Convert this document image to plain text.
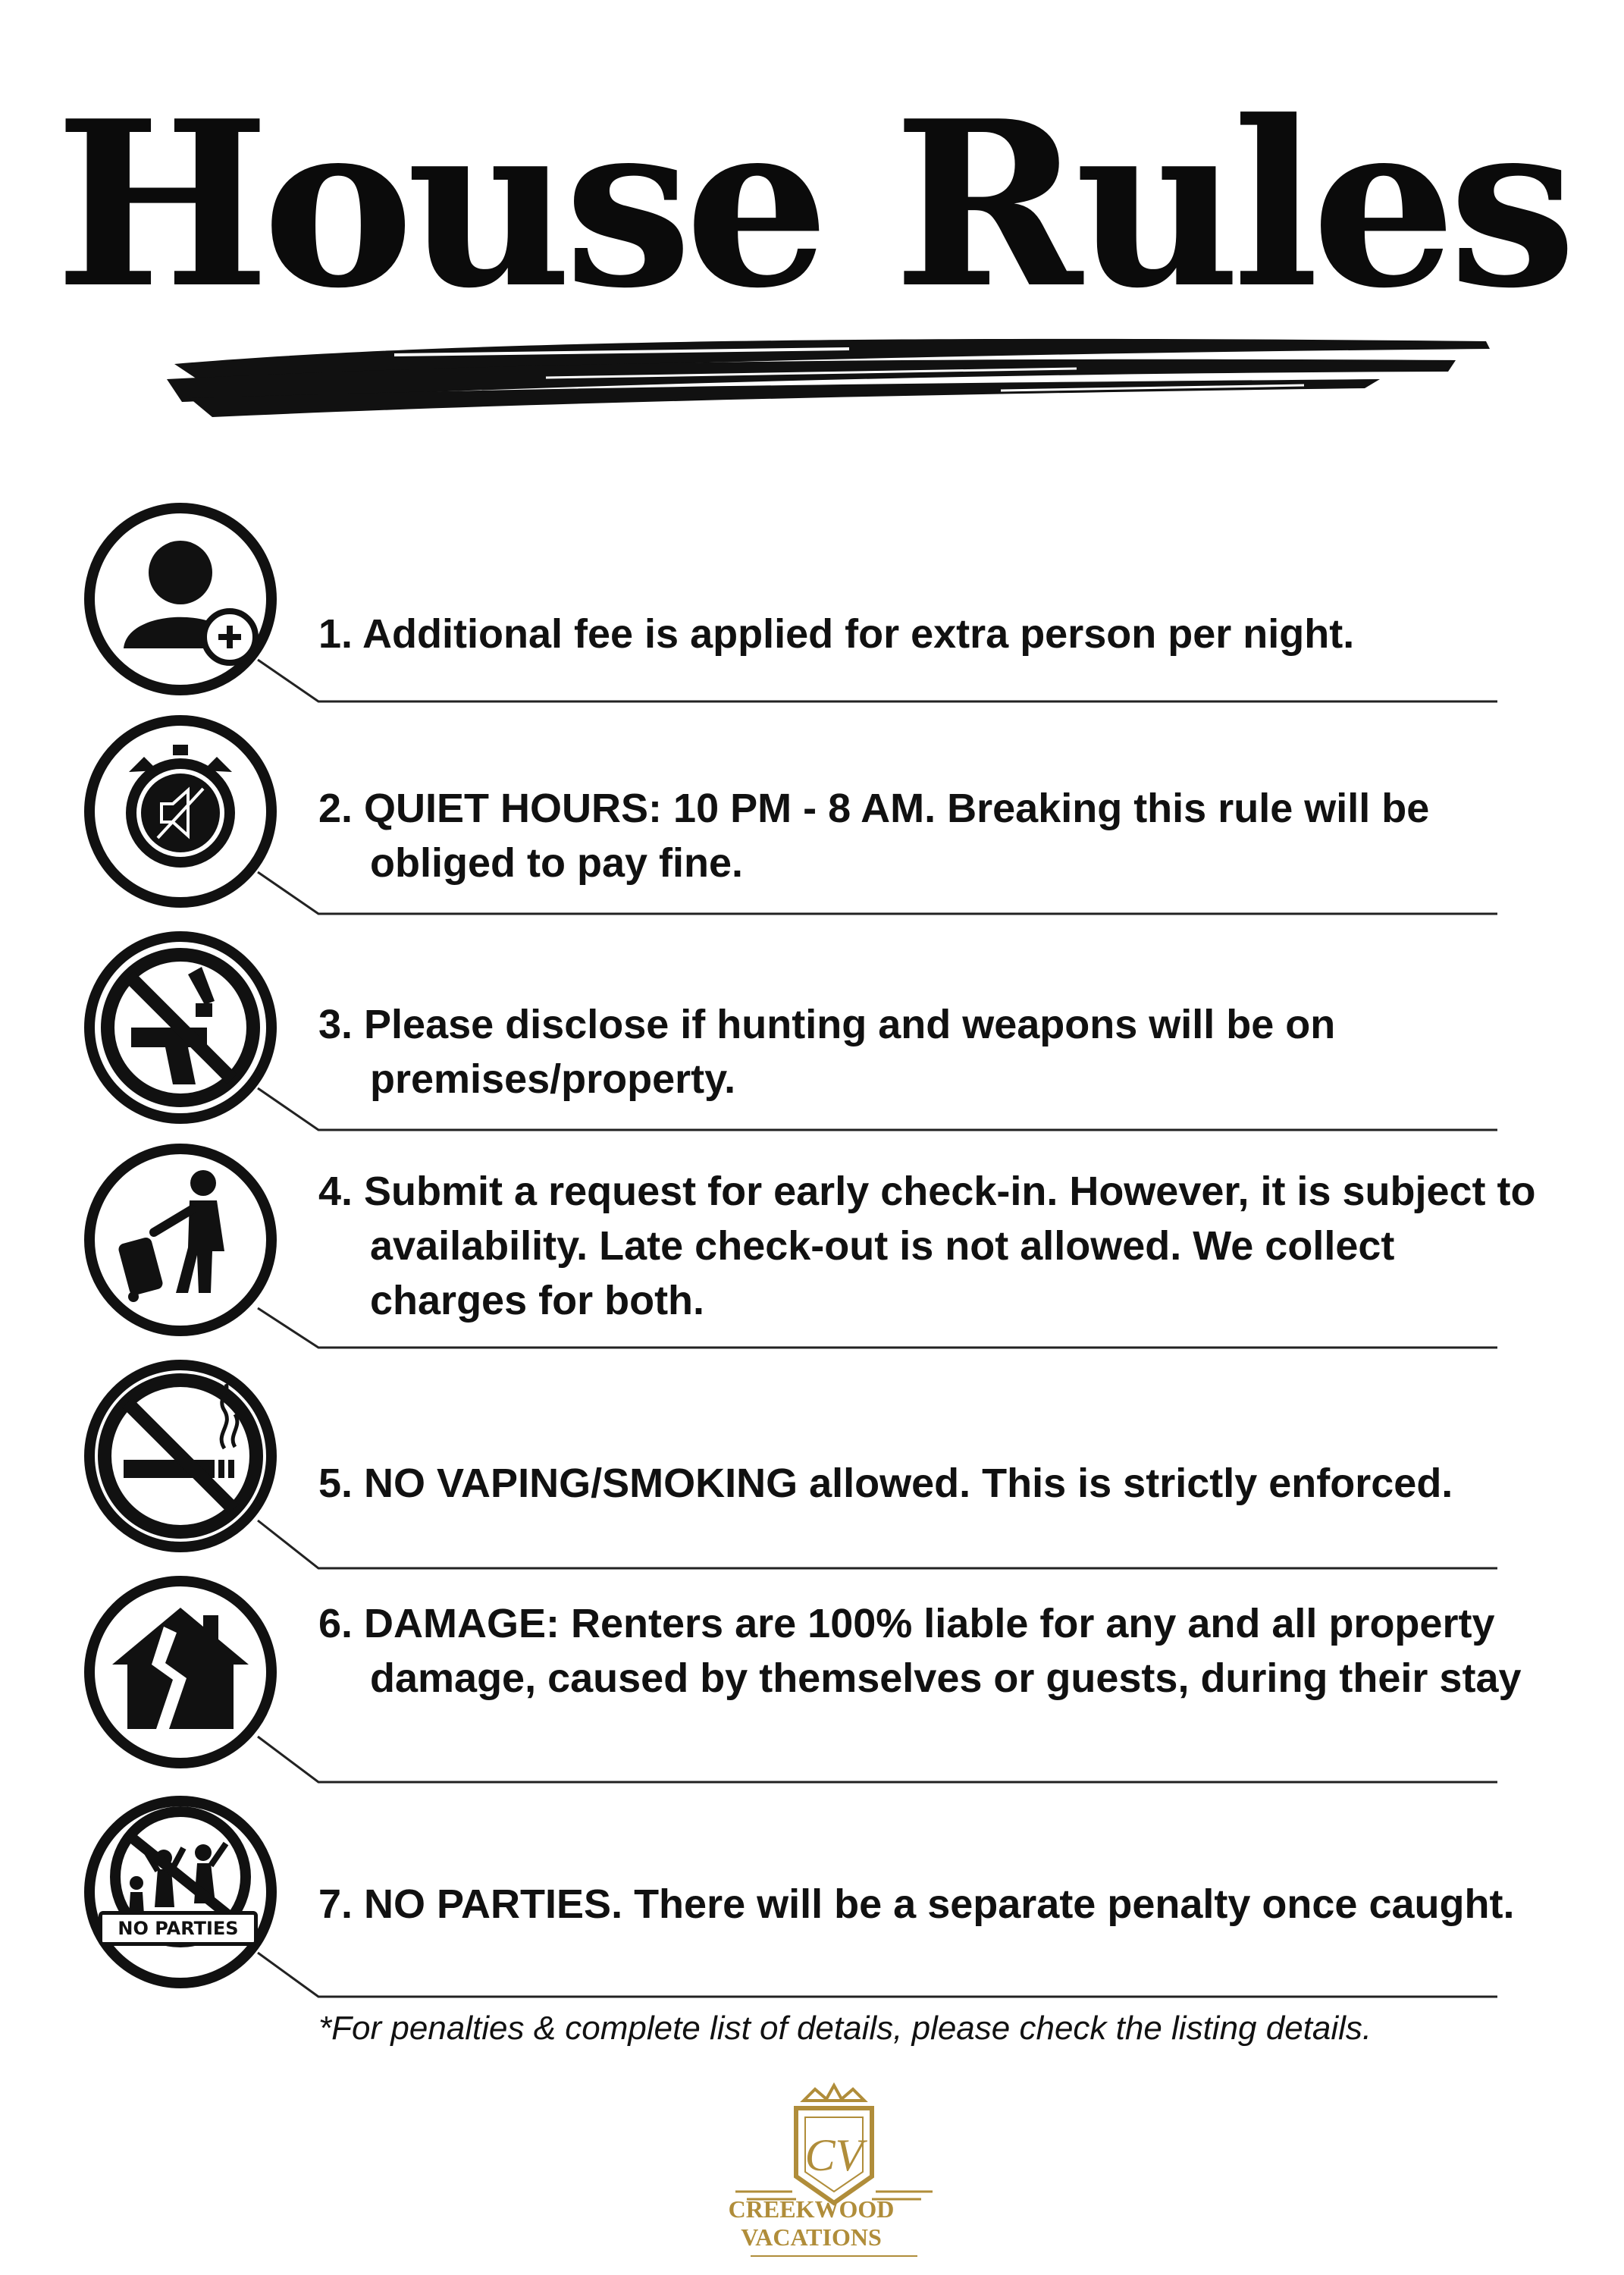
House Rules

1. Additional fee is applied for extra person per night.

2. QUIET HOURS: 10 PM - 8 AM. Breaking this rule will be obliged to pay fine.

3. Please disclose if hunting and weapons will be on premises/property.

4. Submit a request for early check-in. However, it is subject to availability. Late check-out is not allowed. We collect charges for both.

5. NO VAPING/SMOKING allowed. This is strictly enforced.

6. DAMAGE: Renters are 100% liable for any and all property damage, caused by themselves or guests, during their stay

NO PARTIES

7. NO PARTIES. There will be a separate penalty once caught.

*For penalties & complete list of details, please check the listing details.

CV

CREEKWOOD VACATIONS
